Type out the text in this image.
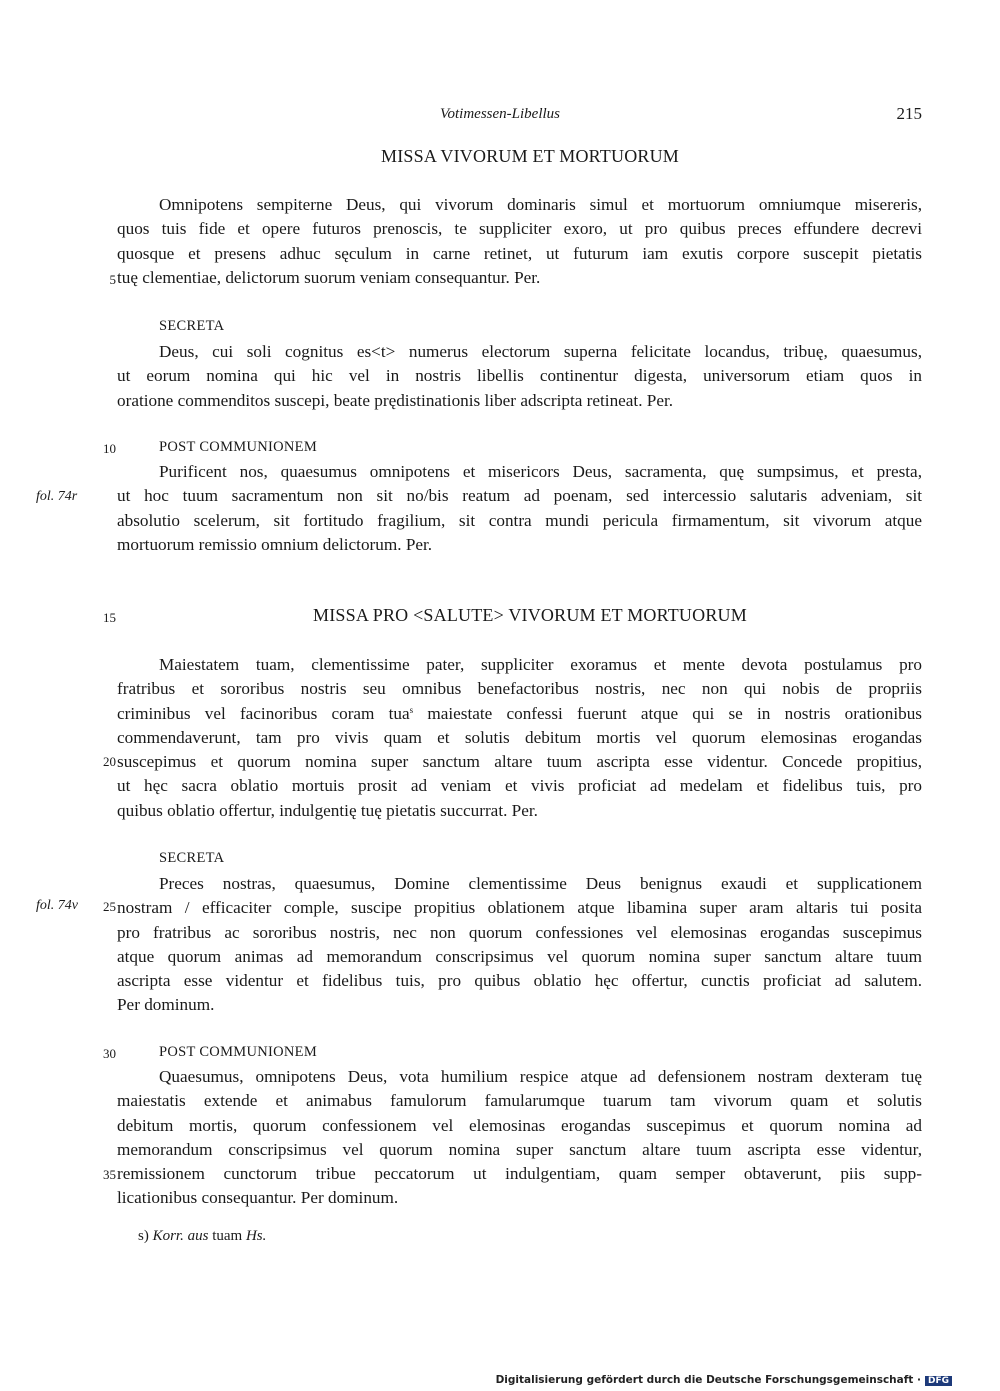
Votimessen-Libellus	215
MISSA VIVORUM ET MORTUORUM
Omnipotens sempiterne Deus, qui vivorum dominaris simul et mortuorum omniumque misereris,
quos tuis fide et opere futuros prenoscis, te suppliciter exoro, ut pro quibus preces effundere decrevi
quosque et presens adhuc sęculum in carne retinet, ut futurum iam exutis corpore suscepit pietatis
tuę clementiae, delictorum suorum veniam consequantur. Per.
SECRETA
Deus, cui soli cognitus es<t> numerus electorum superna felicitate locandus, tribuę, quaesumus,
ut eorum nomina qui hic vel in nostris libellis continentur digesta, universorum etiam quos in
oratione commenditos suscepi, beate prędistinationis liber adscripta retineat. Per.
POST COMMUNIONEM
Purificent nos, quaesumus omnipotens et misericors Deus, sacramenta, quę sumpsimus, et presta,
ut hoc tuum sacramentum non sit no/bis reatum ad poenam, sed intercessio salutaris adveniam, sit
absolutio scelerum, sit fortitudo fragilium, sit contra mundi pericula firmamentum, sit vivorum atque
mortuorum remissio omnium delictorum. Per.
MISSA PRO <SALUTE> VIVORUM ET MORTUORUM
Maiestatem tuam, clementissime pater, suppliciter exoramus et mente devota postulamus pro
fratribus et sororibus nostris seu omnibus benefactoribus nostris, nec non qui nobis de propriis
criminibus vel facinoribus coram tua$^s$ maiestate confessi fuerunt atque qui se in nostris orationibus
commendaverunt, tam pro vivis quam et solutis debitum mortis vel quorum elemosinas erogandas
suscepimus et quorum nomina super sanctum altare tuum ascripta esse videntur. Concede propitius,
ut hęc sacra oblatio mortuis prosit ad veniam et vivis proficiat ad medelam et fidelibus tuis, pro
quibus oblatio offertur, indulgentię tuę pietatis succurrat. Per.
SECRETA
Preces nostras, quaesumus, Domine clementissime Deus benignus exaudi et supplicationem
nostram / efficaciter comple, suscipe propitius oblationem atque libamina super aram altaris tui posita
pro fratribus ac sororibus nostris, nec non quorum confessiones vel elemosinas erogandas suscepimus
atque quorum animas ad memorandum conscripsimus vel quorum nomina super sanctum altare tuum
ascripta esse videntur et fidelibus tuis, pro quibus oblatio hęc offertur, cunctis proficiat ad salutem.
Per dominum.
POST COMMUNIONEM
Quaesumus, omnipotens Deus, vota humilium respice atque ad defensionem nostram dexteram tuę
maiestatis extende et animabus famulorum famularumque tuarum tam vivorum quam et solutis
debitum mortis, quorum confessionem vel elemosinas erogandas suscepimus et quorum nomina ad
memorandum conscripsimus vel quorum nomina super sanctum altare tuum ascripta esse videntur,
remissionem cunctorum tribue peccatorum ut indulgentiam, quam semper obtaverunt, piis supp-
licationibus consequantur. Per dominum.
5
10
15
20
25
30
35
fol. 74r
fol. 74v
s) Korr. aus tuam Hs.
Digitalisierung gefördert durch die Deutsche Forschungsgemeinschaft · DFG
